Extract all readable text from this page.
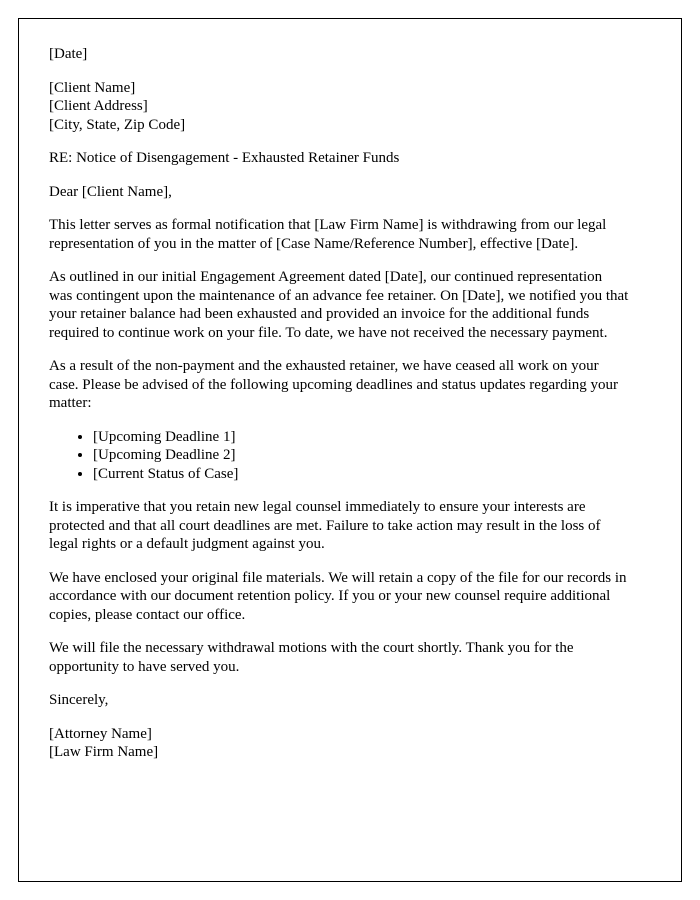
[Date]

[Client Name]

[Client Address]

[City, State, Zip Code]

RE: Notice of Disengagement - Exhausted Retainer Funds

Dear [Client Name],

This letter serves as formal notification that [Law Firm Name] is withdrawing from our legal representation of you in the matter of [Case Name/Reference Number], effective [Date].

As outlined in our initial Engagement Agreement dated [Date], our continued representation was contingent upon the maintenance of an advance fee retainer. On [Date], we notified you that your retainer balance had been exhausted and provided an invoice for the additional funds required to continue work on your file. To date, we have not received the necessary payment.

As a result of the non-payment and the exhausted retainer, we have ceased all work on your case. Please be advised of the following upcoming deadlines and status updates regarding your matter:

• [Upcoming Deadline 1]
• [Upcoming Deadline 2]
• [Current Status of Case]

It is imperative that you retain new legal counsel immediately to ensure your interests are protected and that all court deadlines are met. Failure to take action may result in the loss of legal rights or a default judgment against you.

We have enclosed your original file materials. We will retain a copy of the file for our records in accordance with our document retention policy. If you or your new counsel require additional copies, please contact our office.

We will file the necessary withdrawal motions with the court shortly. Thank you for the opportunity to have served you.

Sincerely,

[Attorney Name]

[Law Firm Name]
